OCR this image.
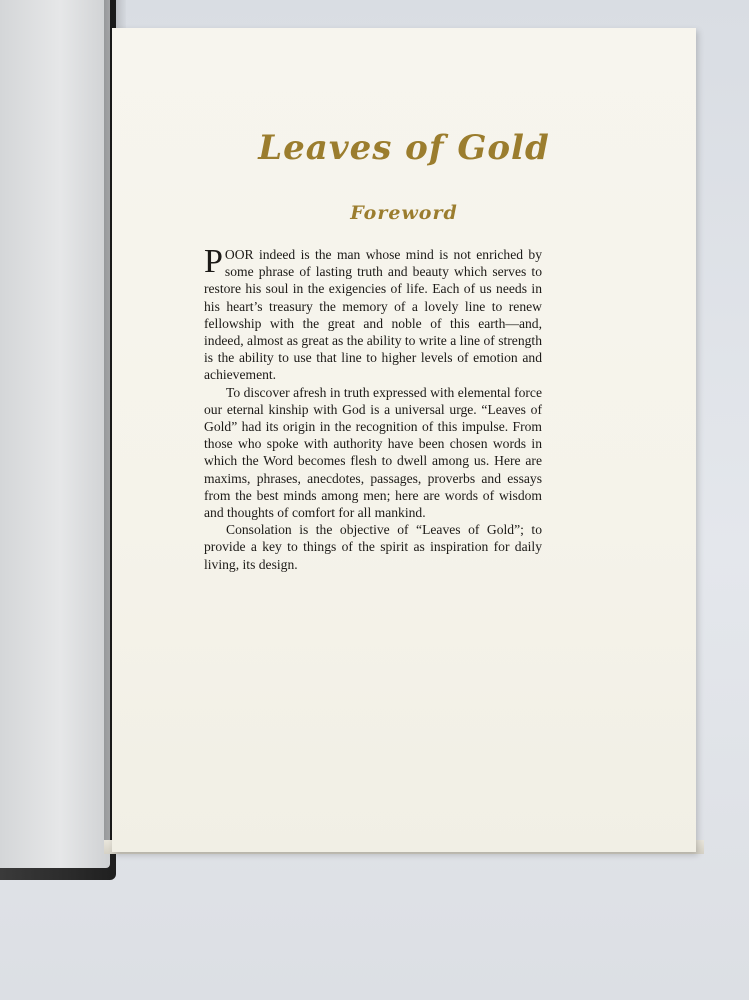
Leaves of Gold
Foreword

POOR indeed is the man whose mind is not enriched by some phrase of lasting truth and beauty which serves to restore his soul in the exigencies of life. Each of us needs in his heart’s treasury the memory of a lovely line to renew fellowship with the great and noble of this earth—and, indeed, almost as great as the ability to write a line of strength is the ability to use that line to higher levels of emotion and achievement.

To discover afresh in truth expressed with elemental force our eternal kinship with God is a universal urge. “Leaves of Gold” had its origin in the recognition of this impulse. From those who spoke with authority have been chosen words in which the Word becomes flesh to dwell among us. Here are maxims, phrases, anecdotes, passages, proverbs and essays from the best minds among men; here are words of wisdom and thoughts of comfort for all mankind.

Consolation is the objective of “Leaves of Gold”; to provide a key to things of the spirit as inspiration for daily living, its design.
